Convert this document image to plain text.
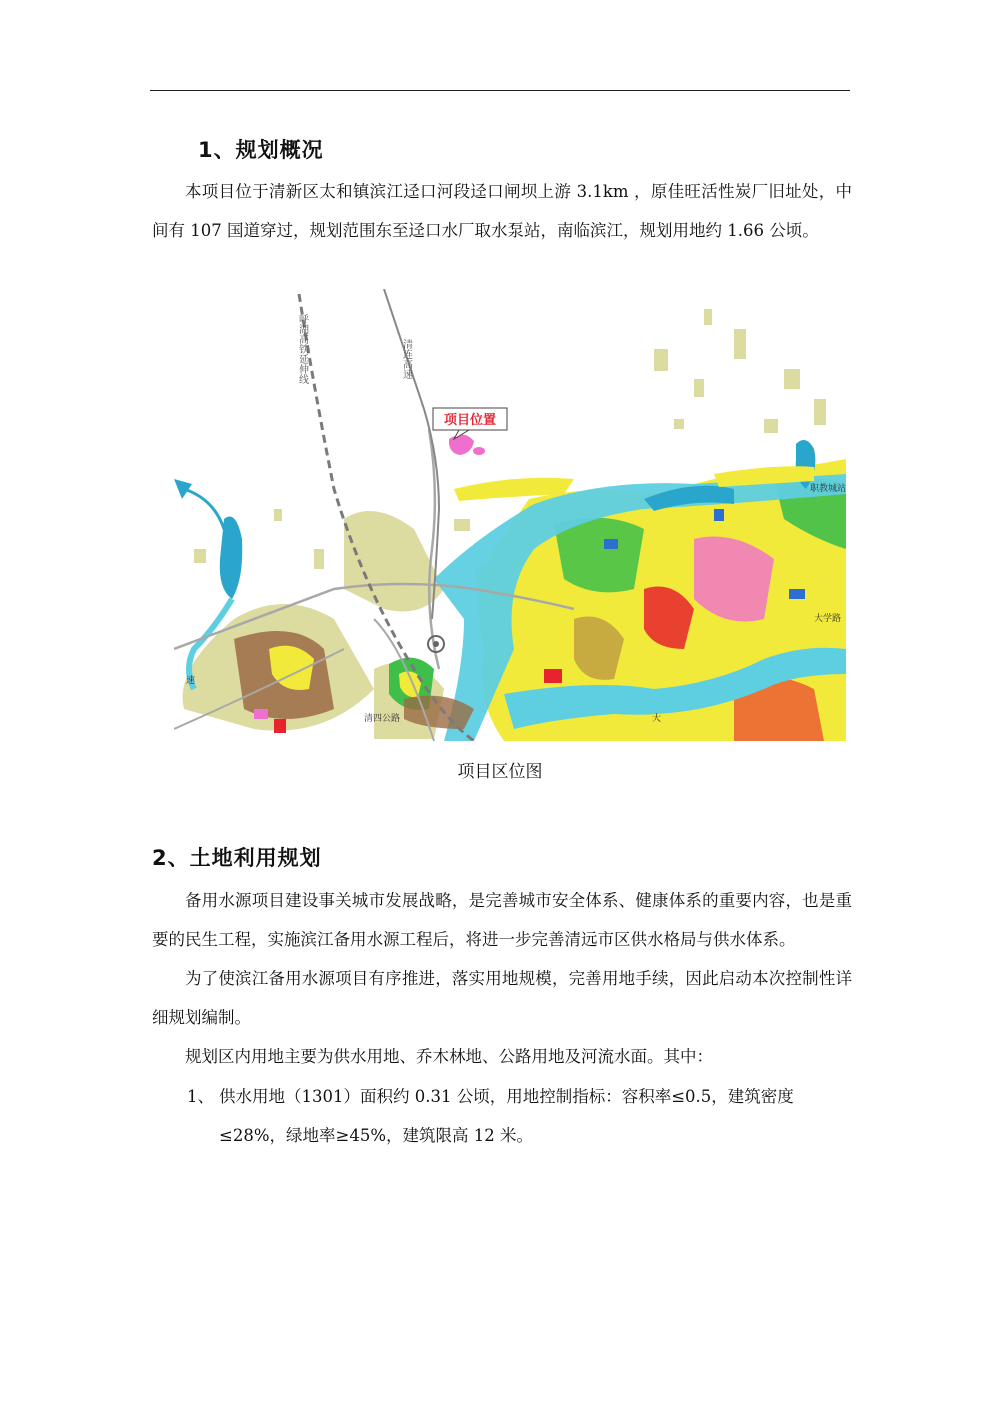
1、规划概况
本项目位于清新区太和镇滨江迳口河段迳口闸坝上游 3.1km ，原佳旺活性炭厂旧址处，中间有 107 国道穿过，规划范围东至迳口水厂取水泵站，南临滨江，规划用地约 1.66 公顷。
项目位置
呼湖高铁延伸线	清连高速
职教城站
清四公路
大学路
速
大
项目区位图
2、土地利用规划
备用水源项目建设事关城市发展战略，是完善城市安全体系、健康体系的重要内容，也是重要的民生工程，实施滨江备用水源工程后，将进一步完善清远市区供水格局与供水体系。
为了使滨江备用水源项目有序推进，落实用地规模，完善用地手续，因此启动本次控制性详细规划编制。
规划区内用地主要为供水用地、乔木林地、公路用地及河流水面。其中：
1、 供水用地（1301）面积约 0.31 公顷，用地控制指标：容积率≤0.5，建筑密度≤28%，绿地率≥45%，建筑限高 12 米。
